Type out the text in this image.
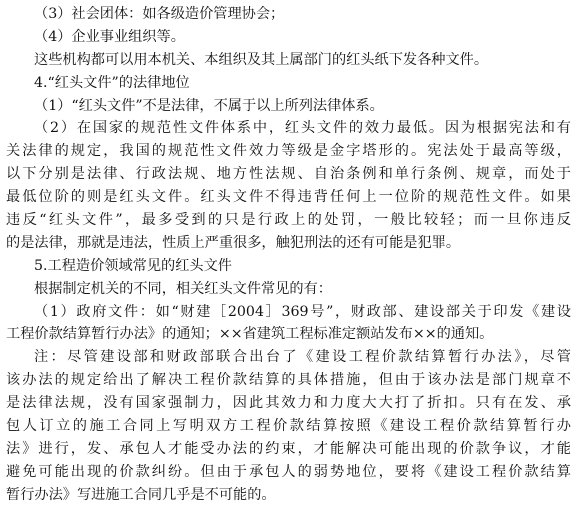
（3）社会团体：如各级造价管理协会；
（4）企业事业组织等。
这些机构都可以用本机关、本组织及其上属部门的红头纸下发各种文件。
4.“红头文件”的法律地位
（1）“红头文件”不是法律，不属于以上所列法律体系。
（2）在国家的规范性文件体系中，红头文件的效力最低。因为根据宪法和有
关法律的规定，我国的规范性文件效力等级是金字塔形的。宪法处于最高等级，
以下分别是法律、行政法规、地方性法规、自治条例和单行条例、规章，而处于
最低位阶的则是红头文件。红头文件不得违背任何上一位阶的规范性文件。如果
违反“红头文件”，最多受到的只是行政上的处罚，一般比较轻；而一旦你违反
的是法律，那就是违法，性质上严重很多，触犯刑法的还有可能是犯罪。
5.工程造价领域常见的红头文件
根据制定机关的不同，相关红头文件常见的有：
（1）政府文件：如“财建［2004］369号”，财政部、建设部关于印发《建设
工程价款结算暂行办法》的通知；××省建筑工程标准定额站发布××的通知。
注：尽管建设部和财政部联合出台了《建设工程价款结算暂行办法》，尽管
该办法的规定给出了解决工程价款结算的具体措施，但由于该办法是部门规章不
是法律法规，没有国家强制力，因此其效力和力度大大打了折扣。只有在发、承
包人订立的施工合同上写明双方工程价款结算按照《建设工程价款结算暂行办
法》进行，发、承包人才能受办法的约束，才能解决可能出现的价款争议，才能
避免可能出现的价款纠纷。但由于承包人的弱势地位，要将《建设工程价款结算
暂行办法》写进施工合同几乎是不可能的。
